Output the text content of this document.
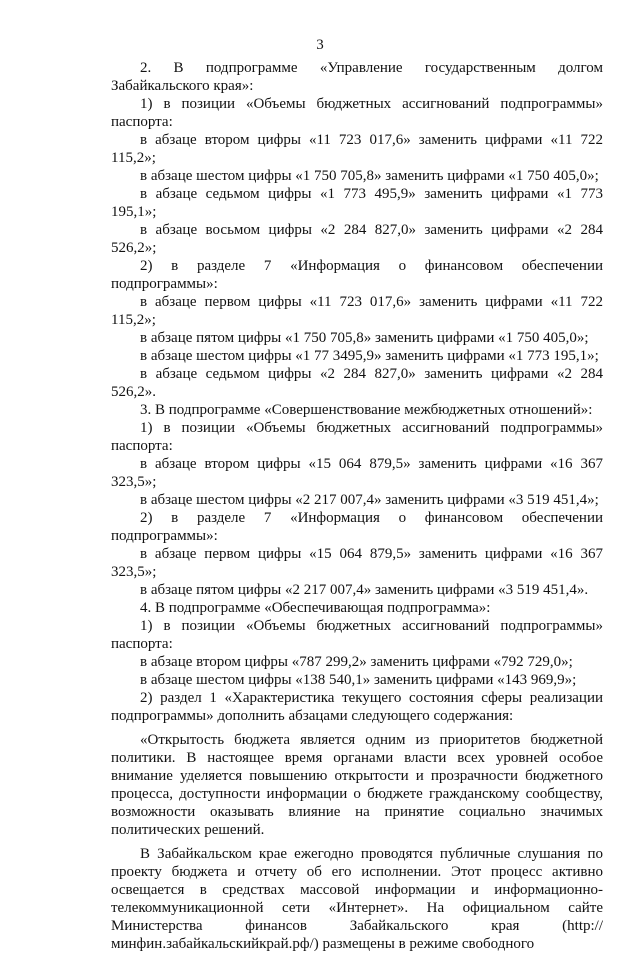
3

2. В подпрограмме «Управление государственным долгом Забайкальского края»:

1) в позиции «Объемы бюджетных ассигнований подпрограммы» паспорта:

в абзаце втором цифры «11 723 017,6» заменить цифрами «11 722 115,2»;

в абзаце шестом цифры «1 750 705,8» заменить цифрами «1 750 405,0»;

в абзаце седьмом цифры «1 773 495,9» заменить цифрами «1 773 195,1»;

в абзаце восьмом цифры «2 284 827,0» заменить цифрами «2 284 526,2»;

2) в разделе 7 «Информация о финансовом обеспечении подпрограммы»:

в абзаце первом цифры «11 723 017,6» заменить цифрами «11 722 115,2»;

в абзаце пятом цифры «1 750 705,8» заменить цифрами «1 750 405,0»;

в абзаце шестом цифры «1 77 3495,9» заменить цифрами «1 773 195,1»;

в абзаце седьмом цифры «2 284 827,0» заменить цифрами «2 284 526,2».

3. В подпрограмме «Совершенствование межбюджетных отношений»:

1) в позиции «Объемы бюджетных ассигнований подпрограммы» паспорта:

в абзаце втором цифры «15 064 879,5» заменить цифрами «16 367 323,5»;

в абзаце шестом цифры «2 217 007,4» заменить цифрами «3 519 451,4»;

2) в разделе 7 «Информация о финансовом обеспечении подпрограммы»:

в абзаце первом цифры «15 064 879,5» заменить цифрами «16 367 323,5»;

в абзаце пятом цифры «2 217 007,4» заменить цифрами «3 519 451,4».

4. В подпрограмме «Обеспечивающая подпрограмма»:

1) в позиции «Объемы бюджетных ассигнований подпрограммы» паспорта:

в абзаце втором цифры «787 299,2» заменить цифрами «792 729,0»;

в абзаце шестом цифры «138 540,1» заменить цифрами «143 969,9»;

2) раздел 1 «Характеристика текущего состояния сферы реализации подпрограммы» дополнить абзацами следующего содержания:

«Открытость бюджета является одним из приоритетов бюджетной политики. В настоящее время органами власти всех уровней особое внимание уделяется повышению открытости и прозрачности бюджетного процесса, доступности информации о бюджете гражданскому сообществу, возможности оказывать влияние на принятие социально значимых политических решений.

В Забайкальском крае ежегодно проводятся публичные слушания по проекту бюджета и отчету об его исполнении. Этот процесс активно освещается в средствах массовой информации и информационно-телекоммуникационной сети «Интернет». На официальном сайте Министерства финансов Забайкальского края (http://минфин.забайкальскийкрай.рф/) размещены в режиме свободного
